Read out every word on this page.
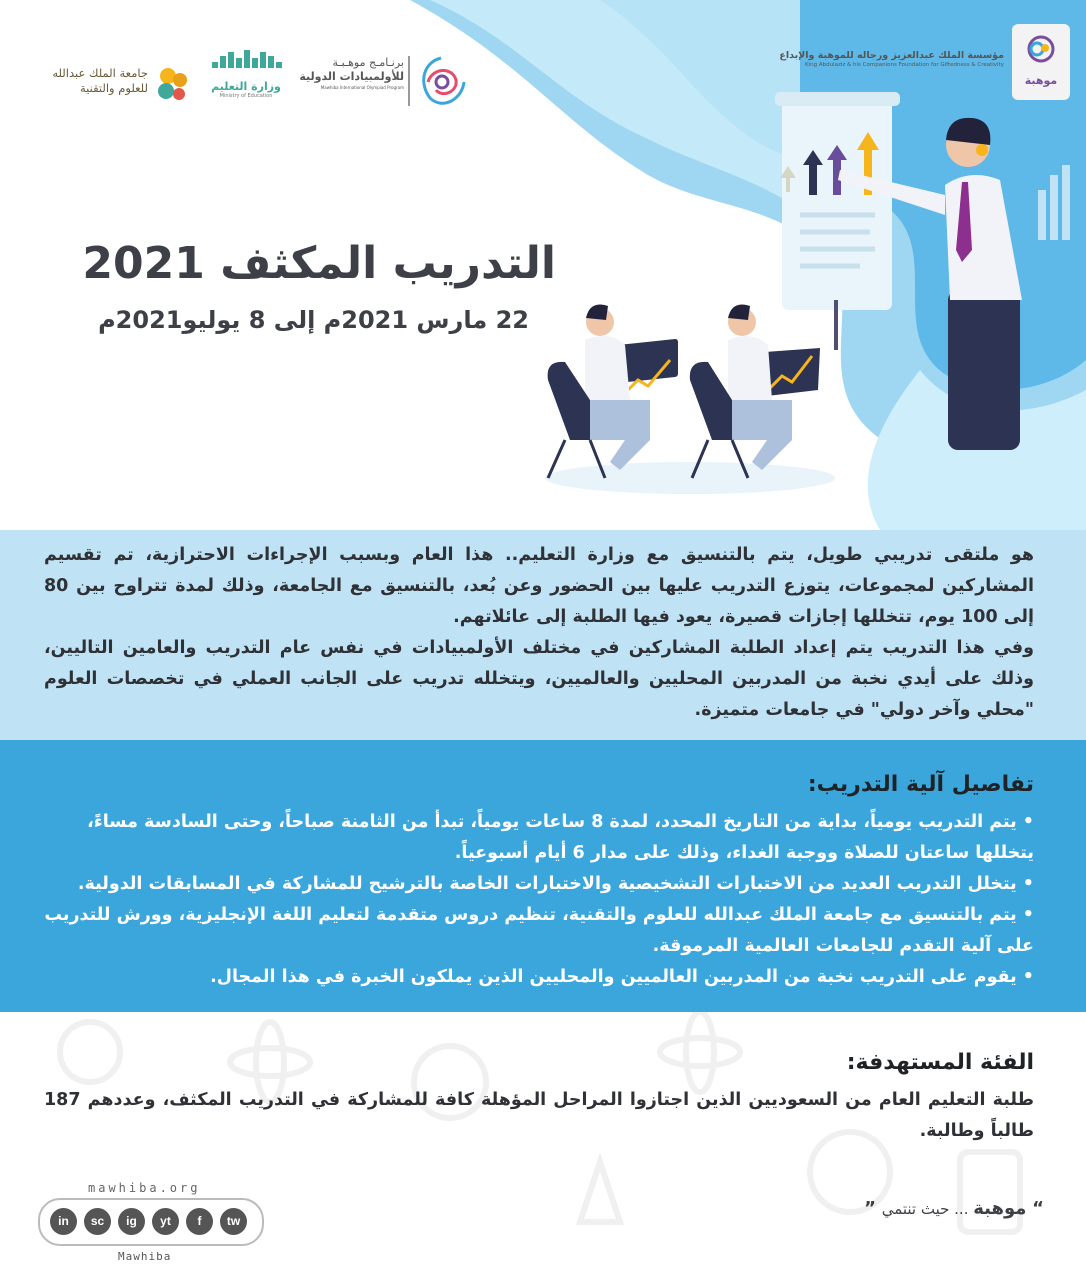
موهبة
مؤسسة الملك عبدالعزيز ورجاله للموهبة والإبداع
King Abdulaziz & his Companions Foundation for Giftedness & Creativity
برنـامـج موهـبـة
للأولمبيادات الدولية
Mawhiba International Olympiad Program
وزارة التعليم
Ministry of Education
جامعة الملك عبدالله
للعلوم والتقنية
التدريب المكثف 2021
22 مارس 2021م إلى 8 يوليو2021م
هو ملتقى تدريبي طويل، يتم بالتنسيق مع وزارة التعليم.. هذا العام وبسبب الإجراءات الاحترازية، تم تقسيم المشاركين لمجموعات، يتوزع التدريب عليها بين الحضور وعن بُعد، بالتنسيق مع الجامعة، وذلك لمدة تتراوح بين 80 إلى 100 يوم، تتخللها إجازات قصيرة، يعود فيها الطلبة إلى عائلاتهم.
وفي هذا التدريب يتم إعداد الطلبة المشاركين في مختلف الأولمبيادات في نفس عام التدريب والعامين التاليين، وذلك على أيدي نخبة من المدربين المحليين والعالميين، ويتخلله تدريب على الجانب العملي في تخصصات العلوم "محلي وآخر دولي" في جامعات متميزة.
تفاصيل آلية التدريب:
• يتم التدريب يومياً، بداية من التاريخ المحدد، لمدة 8 ساعات يومياً، تبدأ من الثامنة صباحاً، وحتى السادسة مساءً، يتخللها ساعتان للصلاة ووجبة الغداء، وذلك على مدار 6 أيام أسبوعياً.
• يتخلل التدريب العديد من الاختبارات التشخيصية والاختبارات الخاصة بالترشيح للمشاركة في المسابقات الدولية.
• يتم بالتنسيق مع جامعة الملك عبدالله للعلوم والتقنية، تنظيم دروس متقدمة لتعليم اللغة الإنجليزية، وورش للتدريب على آلية التقدم للجامعات العالمية المرموقة.
• يقوم على التدريب نخبة من المدربين العالميين والمحليين الذين يملكون الخبرة في هذا المجال.
الفئة المستهدفة:
طلبة التعليم العام من السعوديين الذين اجتازوا المراحل المؤهلة كافة للمشاركة في التدريب المكثف، وعددهم 187 طالباً وطالبة.
mawhiba.org
in	sc	ig	yt	f	tw
Mawhiba
“ موهبة ... حيث تنتمي ”
